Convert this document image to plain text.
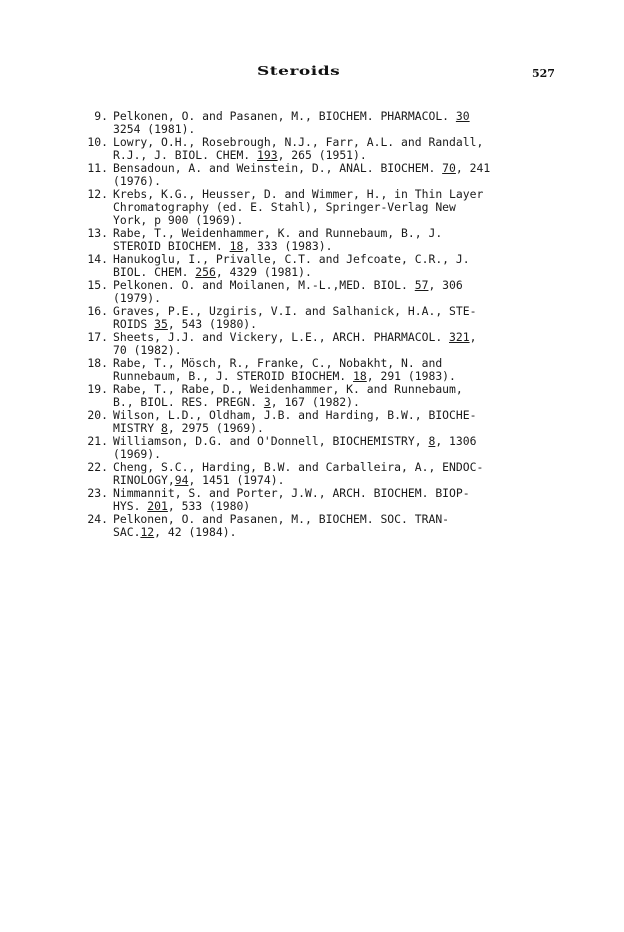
Steroids	527
9. Pelkonen, O. and Pasanen, M., BIOCHEM. PHARMACOL. 30
3254 (1981).
10. Lowry, O.H., Rosebrough, N.J., Farr, A.L. and Randall,
R.J., J. BIOL. CHEM. 193, 265 (1951).
11. Bensadoun, A. and Weinstein, D., ANAL. BIOCHEM. 70, 241
(1976).
12. Krebs, K.G., Heusser, D. and Wimmer, H., in Thin Layer
Chromatography (ed. E. Stahl), Springer-Verlag New
York, p 900 (1969).
13. Rabe, T., Weidenhammer, K. and Runnebaum, B., J.
STEROID BIOCHEM. 18, 333 (1983).
14. Hanukoglu, I., Privalle, C.T. and Jefcoate, C.R., J.
BIOL. CHEM. 256, 4329 (1981).
15. Pelkonen. O. and Moilanen, M.-L.,MED. BIOL. 57, 306
(1979).
16. Graves, P.E., Uzgiris, V.I. and Salhanick, H.A., STE-
ROIDS 35, 543 (1980).
17. Sheets, J.J. and Vickery, L.E., ARCH. PHARMACOL. 321,
70 (1982).
18. Rabe, T., Mösch, R., Franke, C., Nobakht, N. and
Runnebaum, B., J. STEROID BIOCHEM. 18, 291 (1983).
19. Rabe, T., Rabe, D., Weidenhammer, K. and Runnebaum,
B., BIOL. RES. PREGN. 3, 167 (1982).
20. Wilson, L.D., Oldham, J.B. and Harding, B.W., BIOCHE-
MISTRY 8, 2975 (1969).
21. Williamson, D.G. and O'Donnell, BIOCHEMISTRY, 8, 1306
(1969).
22. Cheng, S.C., Harding, B.W. and Carballeira, A., ENDOC-
RINOLOGY,94, 1451 (1974).
23. Nimmannit, S. and Porter, J.W., ARCH. BIOCHEM. BIOP-
HYS. 201, 533 (1980)
24. Pelkonen, O. and Pasanen, M., BIOCHEM. SOC. TRAN-
SAC.12, 42 (1984).
